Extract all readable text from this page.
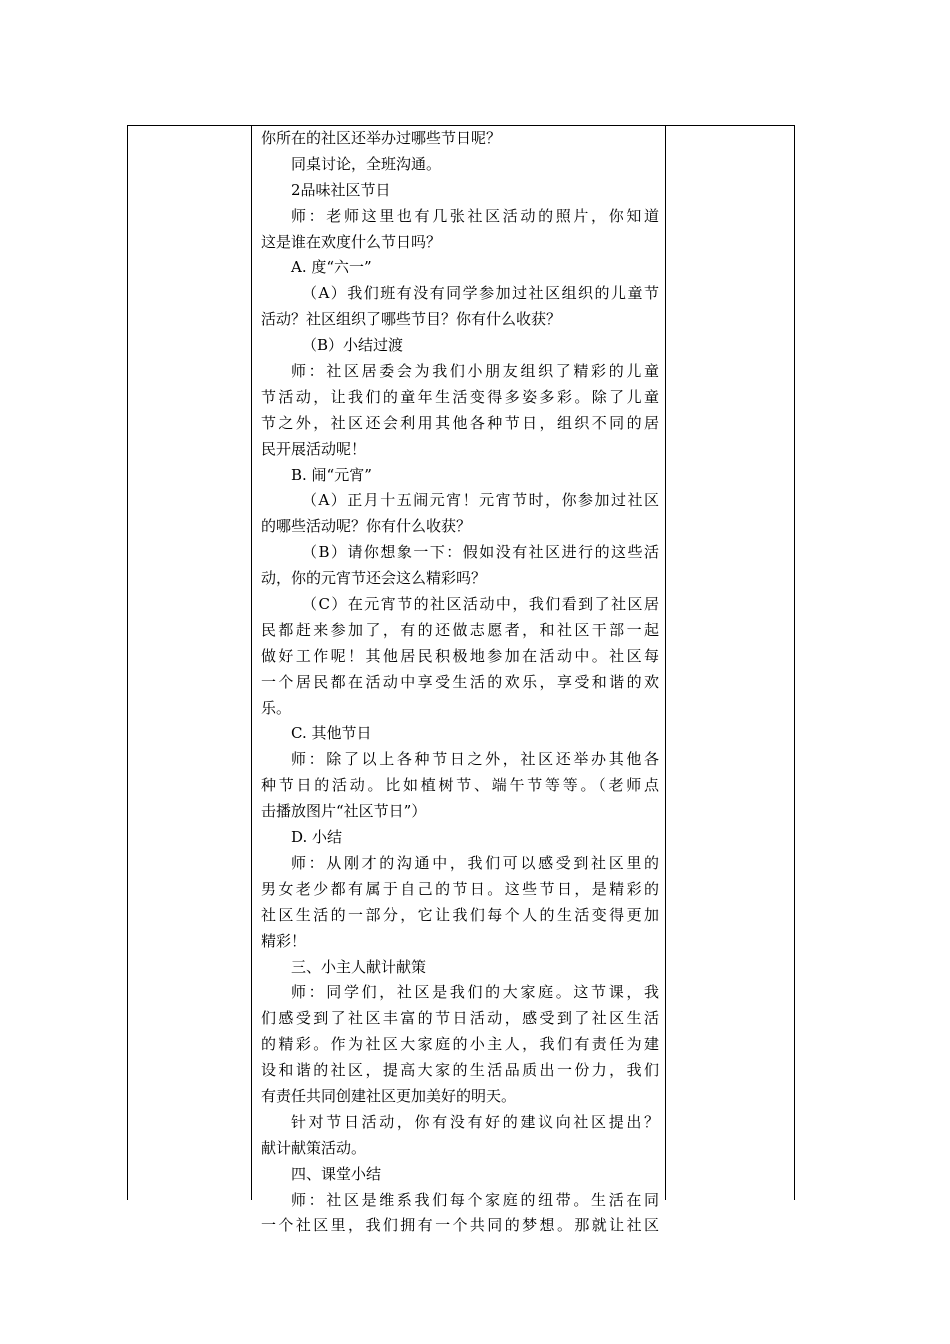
你所在的社区还举办过哪些节日呢？
同桌讨论，全班沟通。
2品味社区节日
师：老师这里也有几张社区活动的照片，你知道
这是谁在欢度什么节日吗？
A. 度“六一”
（A）我们班有没有同学参加过社区组织的儿童节
活动？社区组织了哪些节目？你有什么收获？
（B）小结过渡
师：社区居委会为我们小朋友组织了精彩的儿童
节活动，让我们的童年生活变得多姿多彩。除了儿童
节之外，社区还会利用其他各种节日，组织不同的居
民开展活动呢！
B. 闹“元宵”
（A）正月十五闹元宵！元宵节时，你参加过社区
的哪些活动呢？你有什么收获？
（B）请你想象一下：假如没有社区进行的这些活
动，你的元宵节还会这么精彩吗？
（C）在元宵节的社区活动中，我们看到了社区居
民都赶来参加了，有的还做志愿者，和社区干部一起
做好工作呢！其他居民积极地参加在活动中。社区每
一个居民都在活动中享受生活的欢乐，享受和谐的欢
乐。
C. 其他节日
师：除了以上各种节日之外，社区还举办其他各
种节日的活动。比如植树节、端午节等等。（老师点
击播放图片“社区节日”）
D. 小结
师：从刚才的沟通中，我们可以感受到社区里的
男女老少都有属于自己的节日。这些节日，是精彩的
社区生活的一部分，它让我们每个人的生活变得更加
精彩！
三、小主人献计献策
师：同学们，社区是我们的大家庭。这节课，我
们感受到了社区丰富的节日活动，感受到了社区生活
的精彩。作为社区大家庭的小主人，我们有责任为建
设和谐的社区，提高大家的生活品质出一份力，我们
有责任共同创建社区更加美好的明天。
针对节日活动，你有没有好的建议向社区提出？
献计献策活动。
四、课堂小结
师：社区是维系我们每个家庭的纽带。生活在同
一个社区里，我们拥有一个共同的梦想。那就让社区
